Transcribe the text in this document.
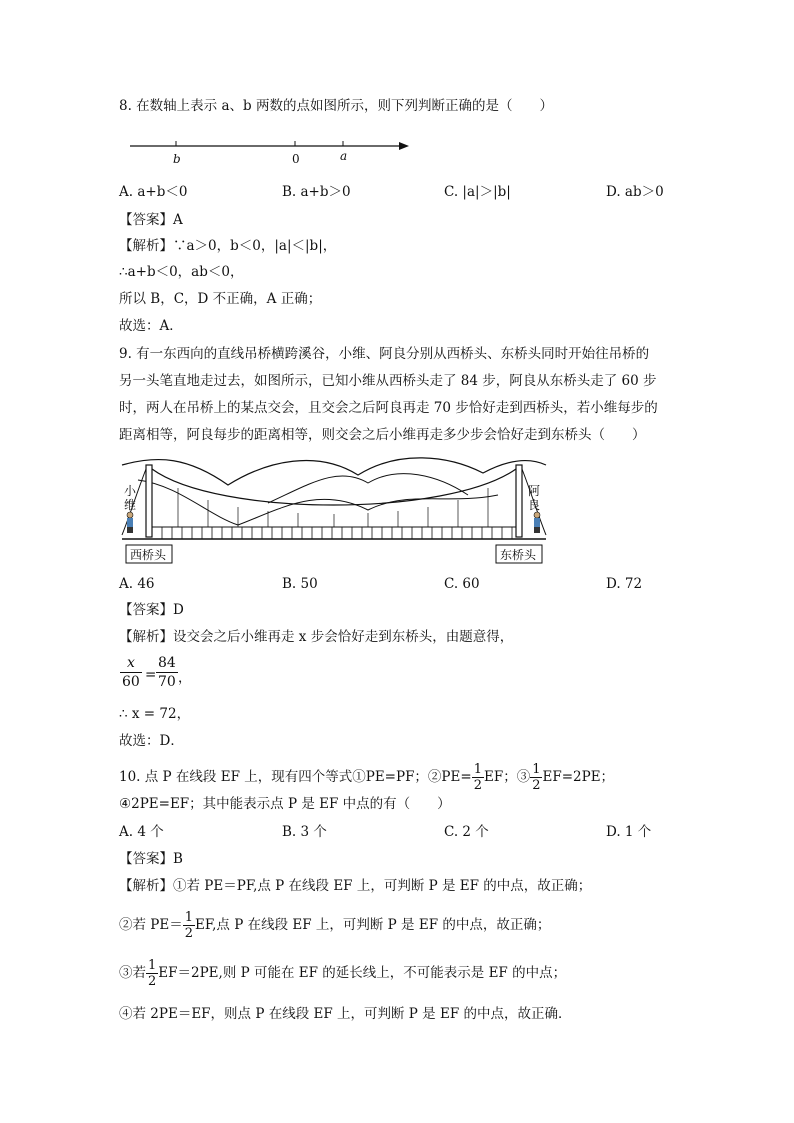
8. 在数轴上表示 a、b 两数的点如图所示，则下列判断正确的是（　　）
b	0	a
A. a+b＜0	B. a+b＞0	C. |a|＞|b|	D. ab＞0
【答案】A
【解析】∵a＞0，b＜0，|a|＜|b|，
∴a+b＜0，ab＜0，
所以 B，C，D 不正确，A 正确；
故选：A．
9. 有一东西向的直线吊桥横跨溪谷，小维、阿良分别从西桥头、东桥头同时开始往吊桥的
另一头笔直地走过去，如图所示，已知小维从西桥头走了 84 步，阿良从东桥头走了 60 步
时，两人在吊桥上的某点交会，且交会之后阿良再走 70 步恰好走到西桥头，若小维每步的
距离相等，阿良每步的距离相等，则交会之后小维再走多少步会恰好走到东桥头（　　）
小维
阿良
西桥头	东桥头
A. 46	B. 50	C. 60	D. 72
【答案】D
【解析】设交会之后小维再走 x 步会恰好走到东桥头，由题意得，
$\frac{x}{60} = \frac{84}{70}$ ，
∴ x = 72，
故选：D．
10. 点 P 在线段 EF 上，现有四个等式①PE=PF；②PE= $\frac{1}{2}$ EF；③ $\frac{1}{2} EF=2PE$；
④2PE=EF；其中能表示点 P 是 EF 中点的有（　　）
A. 4 个	B. 3 个	C. 2 个	D. 1 个
【答案】B
【解析】①若 PE＝PF,点 P 在线段 EF 上，可判断 P 是 EF 的中点，故正确；
②若 $PE= \frac{1}{2}$ EF,点 P 在线段 EF 上，可判断 P 是 EF 的中点，故正确；
③若 $\frac{1}{2} EF=2PE$,则 P 可能在 EF 的延长线上，不可能表示是 EF 的中点；
④若 2PE＝EF，则点 P 在线段 EF 上，可判断 P 是 EF 的中点，故正确．
